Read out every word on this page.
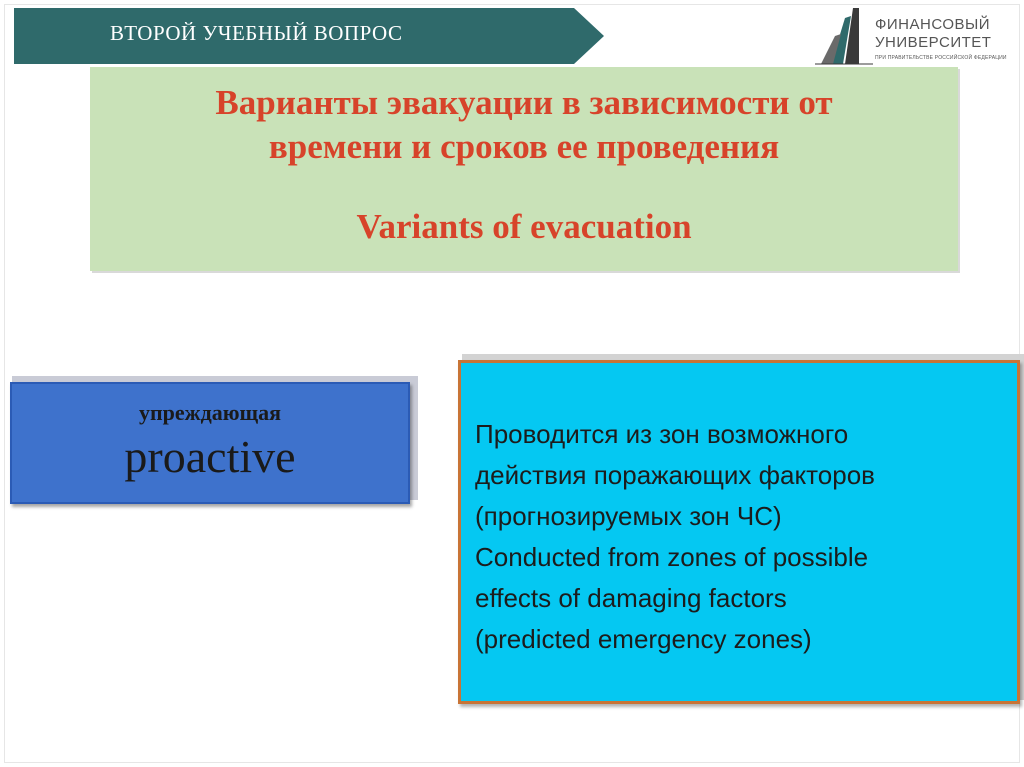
ВТОРОЙ УЧЕБНЫЙ ВОПРОС	ФИНАНСОВЫЙ
УНИВЕРСИТЕТ
ПРИ ПРАВИТЕЛЬСТВЕ РОССИЙСКОЙ ФЕДЕРАЦИИ
Варианты эвакуации в зависимости от
времени и сроков ее проведения
Variants of evacuation
упреждающая
proactive	Проводится из зон возможного
действия поражающих факторов
(прогнозируемых зон ЧС)
Conducted from zones of possible
effects of damaging factors
(predicted emergency zones)
